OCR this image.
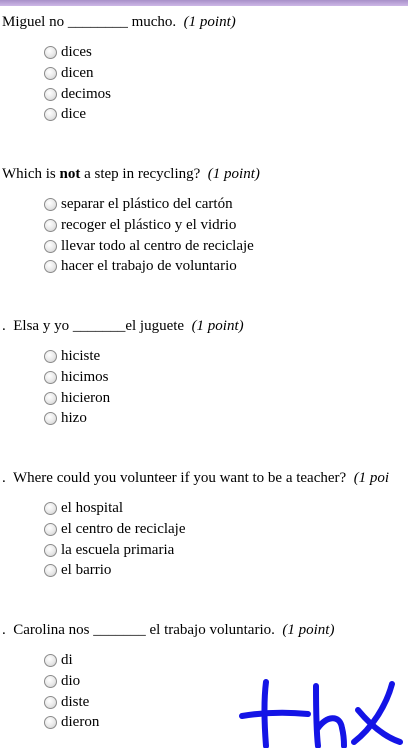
Miguel no ________ mucho. (1 point)
dices
dicen
decimos
dice
Which is not a step in recycling? (1 point)
separar el plástico del cartón
recoger el plástico y el vidrio
llevar todo al centro de reciclaje
hacer el trabajo de voluntario
. Elsa y yo _______el juguete (1 point)
hiciste
hicimos
hicieron
hizo
. Where could you volunteer if you want to be a teacher? (1 poi
el hospital
el centro de reciclaje
la escuela primaria
el barrio
. Carolina nos _______ el trabajo voluntario. (1 point)
di
dio
diste
dieron
